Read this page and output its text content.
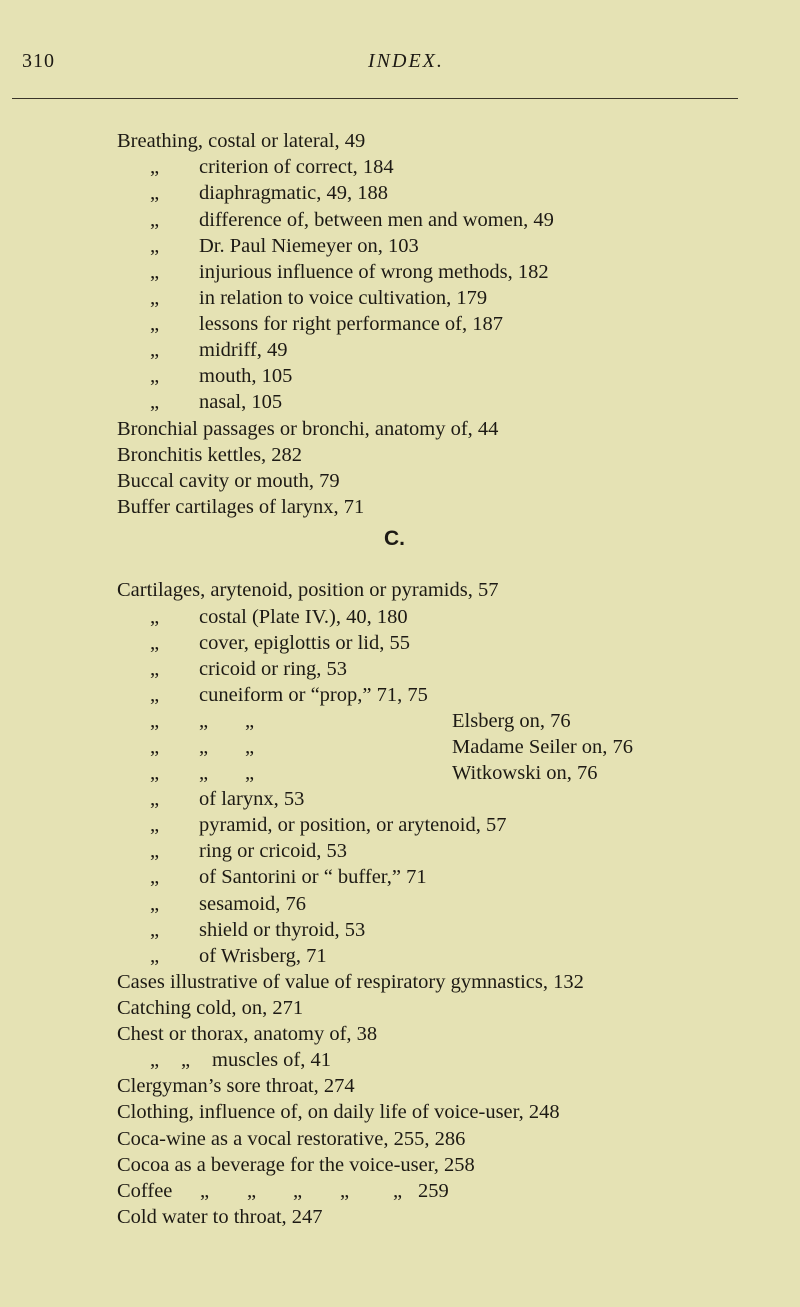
310	INDEX.
Breathing, costal or lateral, 49
„ criterion of correct, 184
„ diaphragmatic, 49, 188
„ difference of, between men and women, 49
„ Dr. Paul Niemeyer on, 103
„ injurious influence of wrong methods, 182
„ in relation to voice cultivation, 179
„ lessons for right performance of, 187
„ midriff, 49
„ mouth, 105
„ nasal, 105
Bronchial passages or bronchi, anatomy of, 44
Bronchitis kettles, 282
Buccal cavity or mouth, 79
Buffer cartilages of larynx, 71
C.
Cartilages, arytenoid, position or pyramids, 57
„ costal (Plate IV.), 40, 180
„ cover, epiglottis or lid, 55
„ cricoid or ring, 53
„ cuneiform or “prop,” 71, 75
„ „ „	Elsberg on, 76
„ „ „	Madame Seiler on, 76
„ „ „	Witkowski on, 76
„ of larynx, 53
„ pyramid, or position, or arytenoid, 57
„ ring or cricoid, 53
„ of Santorini or “ buffer,” 71
„ sesamoid, 76
„ shield or thyroid, 53
„ of Wrisberg, 71
Cases illustrative of value of respiratory gymnastics, 132
Catching cold, on, 271
Chest or thorax, anatomy of, 38
„ „ muscles of, 41
Clergyman’s sore throat, 274
Clothing, influence of, on daily life of voice-user, 248
Coca-wine as a vocal restorative, 255, 286
Cocoa as a beverage for the voice-user, 258
Coffee „ „ „ „ „ 259
Cold water to throat, 247
